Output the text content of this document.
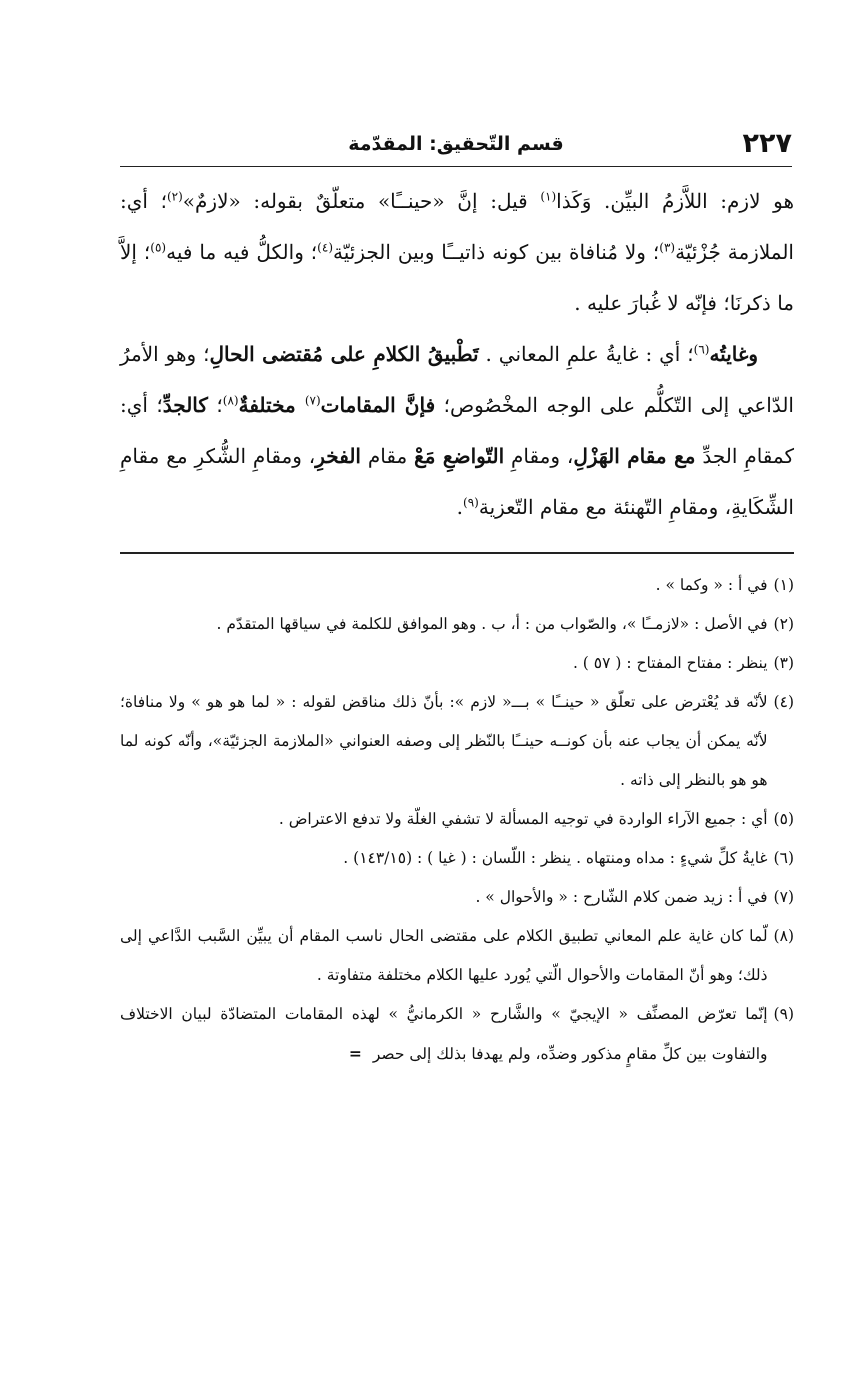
٢٢٧
قسم التّحقيق: المقدّمة

هو لازم: اللاَّزمُ البيِّن. وَكَذا$^{(١)}$ قيل: إنَّ «حينــًا» متعلّقٌ بقوله: «لازمٌ»$^{(٢)}$؛ أي: الملازمة جُزْئيّة$^{(٣)}$؛ ولا مُنافاة بين كونه ذاتيــًا وبين الجزئيّة$^{(٤)}$؛ والكلُّ فيه ما فيه$^{(٥)}$؛ إلاَّ ما ذكرنَا؛ فإنّه لا غُبارَ عليه .

وغايتُه$^{(٦)}$؛ أي : غايةُ علمِ المعاني . تَطْبيقُ الكلامِ على مُقتضى الحالِ؛ وهو الأمرُ الدّاعي إلى التّكلُّم على الوجه المخْصُوص؛ فإنَّ المقامات$^{(٧)}$ مختلفةٌ$^{(٨)}$؛ كالجدِّ؛ أي: كمقامِ الجدِّ مع مقام الهَزْلِ، ومقامِ التّواضعِ مَعْ مقام الفخرِ، ومقامِ الشُّكرِ مع مقامِ الشِّكَايةِ، ومقامِ التّهنئة مع مقام التّعزية$^{(٩)}$.

(١)
في أ : « وكما » .
(٢)
في الأصل : «لازمــًا »، والصّواب من : أ، ب . وهو الموافق للكلمة في سياقها المتقدّم .
(٣)
ينظر : مفتاح المفتاح : ( ٥٧ ) .
(٤)
لأنّه قد يُعْترض على تعلّق « حينــًا » بـــ« لازم »: بأنّ ذلك مناقض لقوله : « لما هو هو » ولا منافاة؛ لأنّه يمكن أن يجاب عنه بأن كونــه حينــًا بالنّظر إلى وصفه العنواني «الملازمة الجزئيّة»، وأنّه كونه لما هو هو بالنظر إلى ذاته .
(٥)
أي : جميع الآراء الواردة في توجيه المسألة لا تشفي الغلّة ولا تدفع الاعتراض .
(٦)
غايةُ كلِّ شيءٍ : مداه ومنتهاه . ينظر : اللّسان : ( غيا ) : (١٤٣/١٥) .
(٧)
في أ : زيد ضمن كلام الشّارح : « والأحوال » .
(٨)
لّما كان غاية علم المعاني تطبيق الكلام على مقتضى الحال ناسب المقام أن يبيِّن السَّبب الدَّاعي إلى ذلك؛ وهو أنّ المقامات والأحوال الّتي يُورد عليها الكلام مختلفة متفاوتة .
(٩)
إنّما تعرّض المصنِّف « الإيجيّ » والشَّارح « الكرمانيُّ » لهذه المقامات المتضادّة لبيان الاختلاف والتفاوت بين كلِّ مقامٍ مذكور وضدِّه، ولم يهدفا بذلك إلى حصر =
